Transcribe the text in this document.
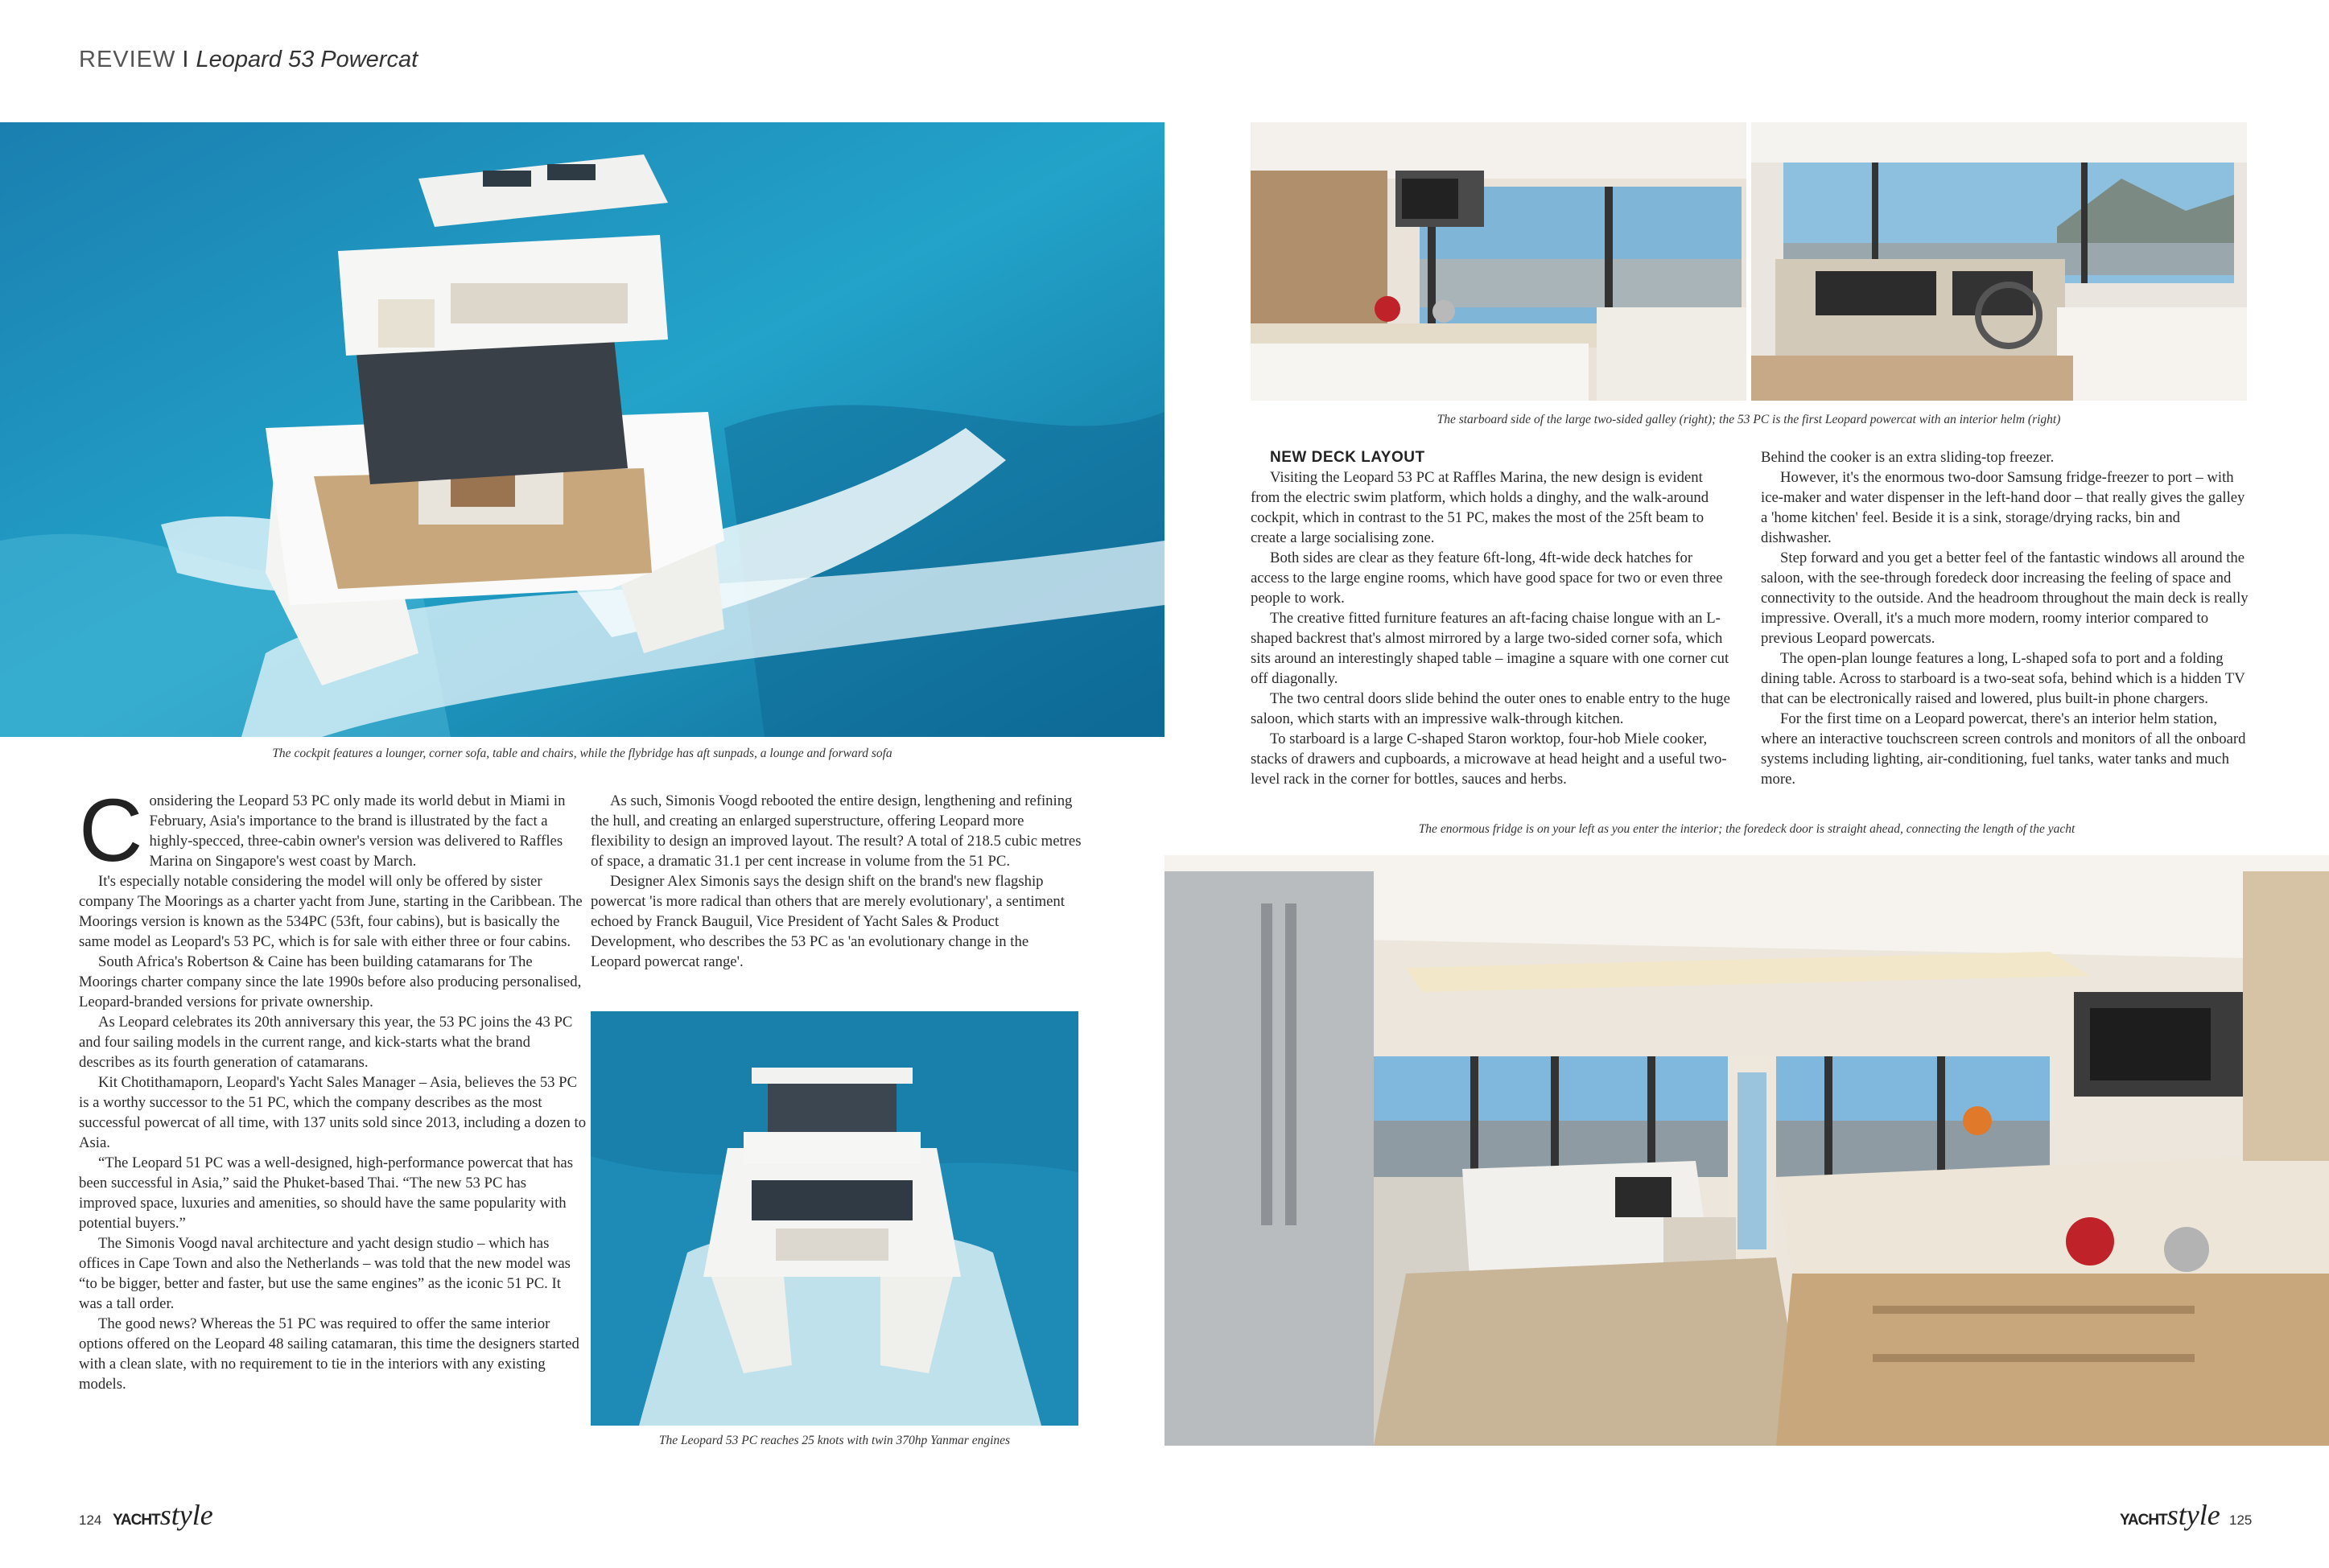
REVIEW I Leopard 53 Powercat
The cockpit features a lounger, corner sofa, table and chairs, while the flybridge has aft sunpads, a lounge and forward sofa
The starboard side of the large two-sided galley (right); the 53 PC is the first Leopard powercat with an interior helm (right)

Considering the Leopard 53 PC only made its world debut in Miami in February, Asia's importance to the brand is illustrated by the fact a highly-specced, three-cabin owner's version was delivered to Raffles Marina on Singapore's west coast by March.

It's especially notable considering the model will only be offered by sister company The Moorings as a charter yacht from June, starting in the Caribbean. The Moorings version is known as the 534PC (53ft, four cabins), but is basically the same model as Leopard's 53 PC, which is for sale with either three or four cabins.

South Africa's Robertson & Caine has been building catamarans for The Moorings charter company since the late 1990s before also producing personalised, Leopard-branded versions for private ownership.

As Leopard celebrates its 20th anniversary this year, the 53 PC joins the 43 PC and four sailing models in the current range, and kick-starts what the brand describes as its fourth generation of catamarans.

Kit Chotithamaporn, Leopard's Yacht Sales Manager – Asia, believes the 53 PC is a worthy successor to the 51 PC, which the company describes as the most successful powercat of all time, with 137 units sold since 2013, including a dozen to Asia.

“The Leopard 51 PC was a well-designed, high-performance powercat that has been successful in Asia,” said the Phuket-based Thai. “The new 53 PC has improved space, luxuries and amenities, so should have the same popularity with potential buyers.”

The Simonis Voogd naval architecture and yacht design studio – which has offices in Cape Town and also the Netherlands – was told that the new model was “to be bigger, better and faster, but use the same engines” as the iconic 51 PC. It was a tall order.

The good news? Whereas the 51 PC was required to offer the same interior options offered on the Leopard 48 sailing catamaran, this time the designers started with a clean slate, with no requirement to tie in the interiors with any existing models.

As such, Simonis Voogd rebooted the entire design, lengthening and refining the hull, and creating an enlarged superstructure, offering Leopard more flexibility to design an improved layout. The result? A total of 218.5 cubic metres of space, a dramatic 31.1 per cent increase in volume from the 51 PC.

Designer Alex Simonis says the design shift on the brand's new flagship powercat 'is more radical than others that are merely evolutionary', a sentiment echoed by Franck Bauguil, Vice President of Yacht Sales & Product Development, who describes the 53 PC as 'an evolutionary change in the Leopard powercat range'.

The Leopard 53 PC reaches 25 knots with twin 370hp Yanmar engines

NEW DECK LAYOUT

Visiting the Leopard 53 PC at Raffles Marina, the new design is evident from the electric swim platform, which holds a dinghy, and the walk-around cockpit, which in contrast to the 51 PC, makes the most of the 25ft beam to create a large socialising zone.

Both sides are clear as they feature 6ft-long, 4ft-wide deck hatches for access to the large engine rooms, which have good space for two or even three people to work.

The creative fitted furniture features an aft-facing chaise longue with an L-shaped backrest that's almost mirrored by a large two-sided corner sofa, which sits around an interestingly shaped table – imagine a square with one corner cut off diagonally.

The two central doors slide behind the outer ones to enable entry to the huge saloon, which starts with an impressive walk-through kitchen.

To starboard is a large C-shaped Staron worktop, four-hob Miele cooker, stacks of drawers and cupboards, a microwave at head height and a useful two-level rack in the corner for bottles, sauces and herbs.

Behind the cooker is an extra sliding-top freezer.

However, it's the enormous two-door Samsung fridge-freezer to port – with ice-maker and water dispenser in the left-hand door – that really gives the galley a 'home kitchen' feel. Beside it is a sink, storage/drying racks, bin and dishwasher.

Step forward and you get a better feel of the fantastic windows all around the saloon, with the see-through foredeck door increasing the feeling of space and connectivity to the outside. And the headroom throughout the main deck is really impressive. Overall, it's a much more modern, roomy interior compared to previous Leopard powercats.

The open-plan lounge features a long, L-shaped sofa to port and a folding dining table. Across to starboard is a two-seat sofa, behind which is a hidden TV that can be electronically raised and lowered, plus built-in phone chargers.

For the first time on a Leopard powercat, there's an interior helm station, where an interactive touchscreen screen controls and monitors of all the onboard systems including lighting, air-conditioning, fuel tanks, water tanks and much more.

The enormous fridge is on your left as you enter the interior; the foredeck door is straight ahead, connecting the length of the yacht
124 YACHTstyle	YACHTstyle 125
